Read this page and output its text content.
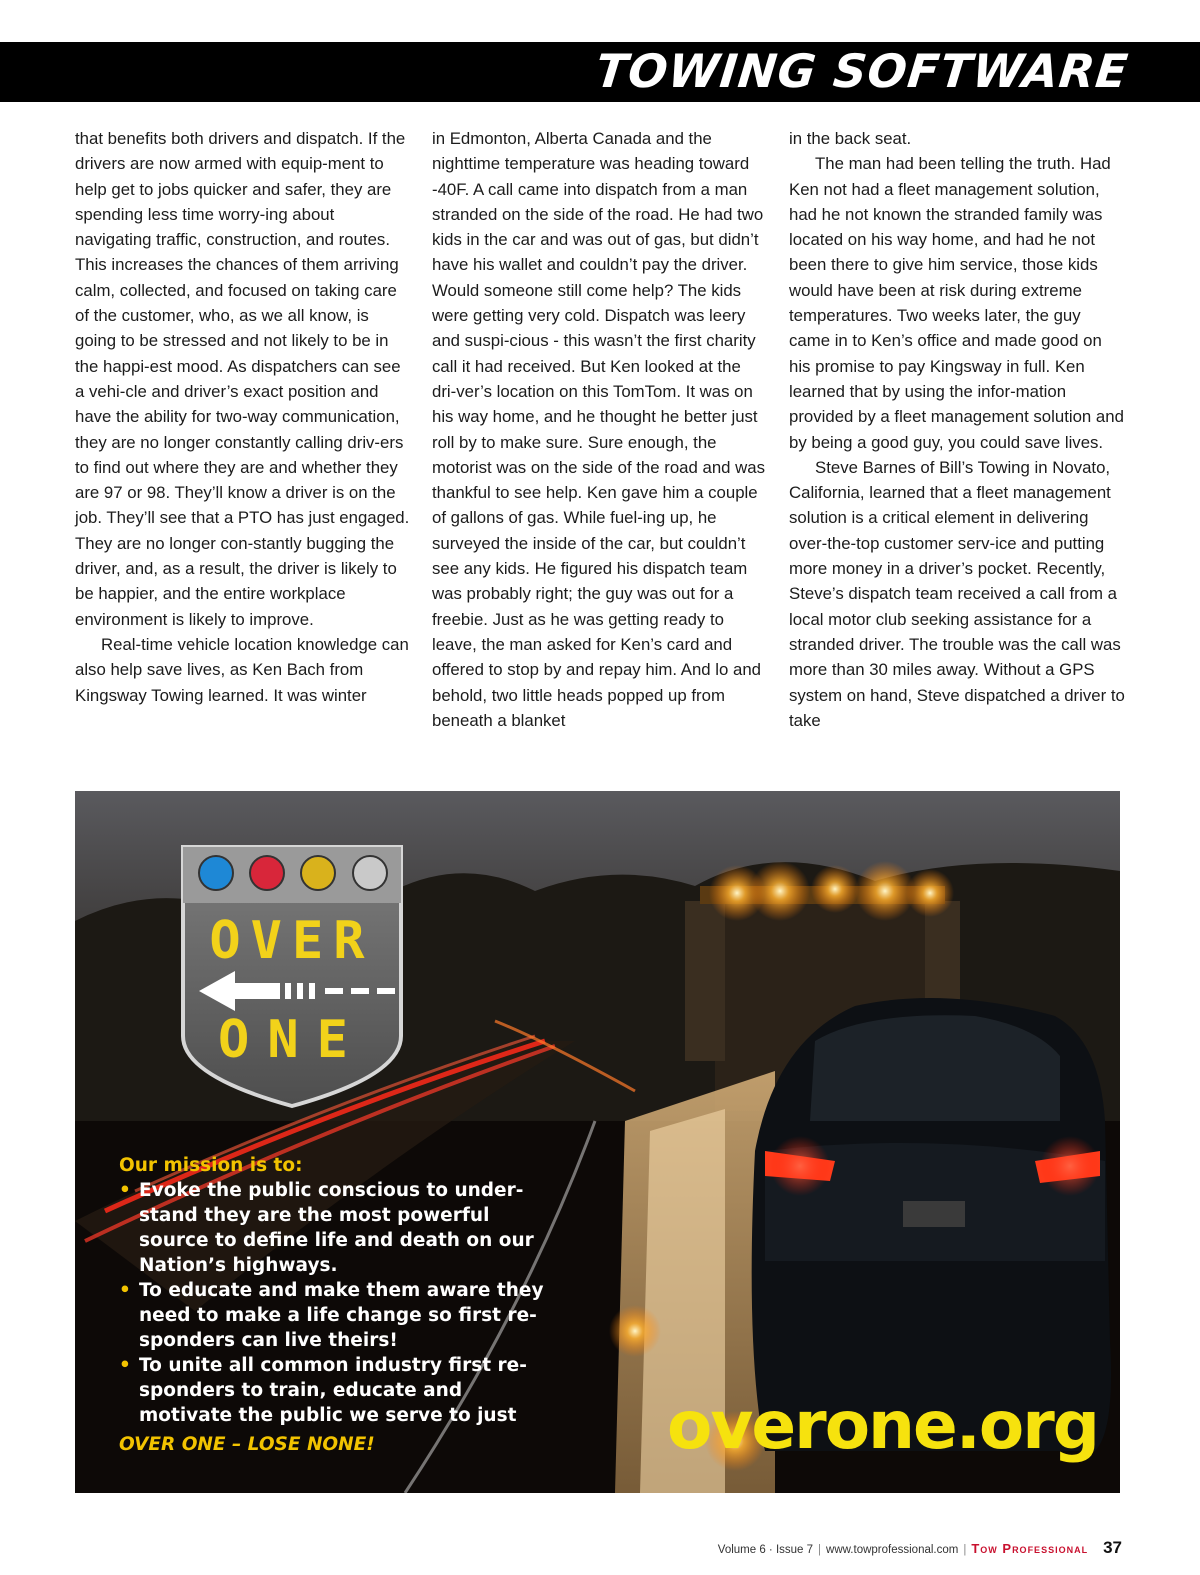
TOWING SOFTWARE

that benefits both drivers and dispatch. If the drivers are now armed with equip-ment to help get to jobs quicker and safer, they are spending less time worry-ing about navigating traffic, construction, and routes. This increases the chances of them arriving calm, collected, and focused on taking care of the customer, who, as we all know, is going to be stressed and not likely to be in the happi-est mood. As dispatchers can see a vehi-cle and driver’s exact position and have the ability for two-way communication, they are no longer constantly calling driv-ers to find out where they are and whether they are 97 or 98. They’ll know a driver is on the job. They’ll see that a PTO has just engaged. They are no longer con-stantly bugging the driver, and, as a result, the driver is likely to be happier, and the entire workplace environment is likely to improve.

Real-time vehicle location knowledge can also help save lives, as Ken Bach from Kingsway Towing learned. It was winter

in Edmonton, Alberta Canada and the nighttime temperature was heading toward -40F. A call came into dispatch from a man stranded on the side of the road. He had two kids in the car and was out of gas, but didn’t have his wallet and couldn’t pay the driver. Would someone still come help? The kids were getting very cold. Dispatch was leery and suspi-cious - this wasn’t the first charity call it had received. But Ken looked at the dri-ver’s location on this TomTom. It was on his way home, and he thought he better just roll by to make sure. Sure enough, the motorist was on the side of the road and was thankful to see help. Ken gave him a couple of gallons of gas. While fuel-ing up, he surveyed the inside of the car, but couldn’t see any kids. He figured his dispatch team was probably right; the guy was out for a freebie. Just as he was getting ready to leave, the man asked for Ken’s card and offered to stop by and repay him. And lo and behold, two little heads popped up from beneath a blanket

in the back seat.

The man had been telling the truth. Had Ken not had a fleet management solution, had he not known the stranded family was located on his way home, and had he not been there to give him service, those kids would have been at risk during extreme temperatures. Two weeks later, the guy came in to Ken’s office and made good on his promise to pay Kingsway in full. Ken learned that by using the infor-mation provided by a fleet management solution and by being a good guy, you could save lives.

Steve Barnes of Bill’s Towing in Novato, California, learned that a fleet management solution is a critical element in delivering over-the-top customer serv-ice and putting more money in a driver’s pocket. Recently, Steve’s dispatch team received a call from a local motor club seeking assistance for a stranded driver. The trouble was the call was more than 30 miles away. Without a GPS system on hand, Steve dispatched a driver to take

OVER
ONE
Our mission is to:
• Evoke the public conscious to under-stand they are the most powerful source to define life and death on our Nation’s highways.
• To educate and make them aware they need to make a life change so first re-sponders can live theirs!
• To unite all common industry first re-sponders to train, educate and motivate the public we serve to just
OVER ONE – LOSE NONE!	overone.org
Volume 6 · Issue 7 | www.towprofessional.com | Tow Professional 37
